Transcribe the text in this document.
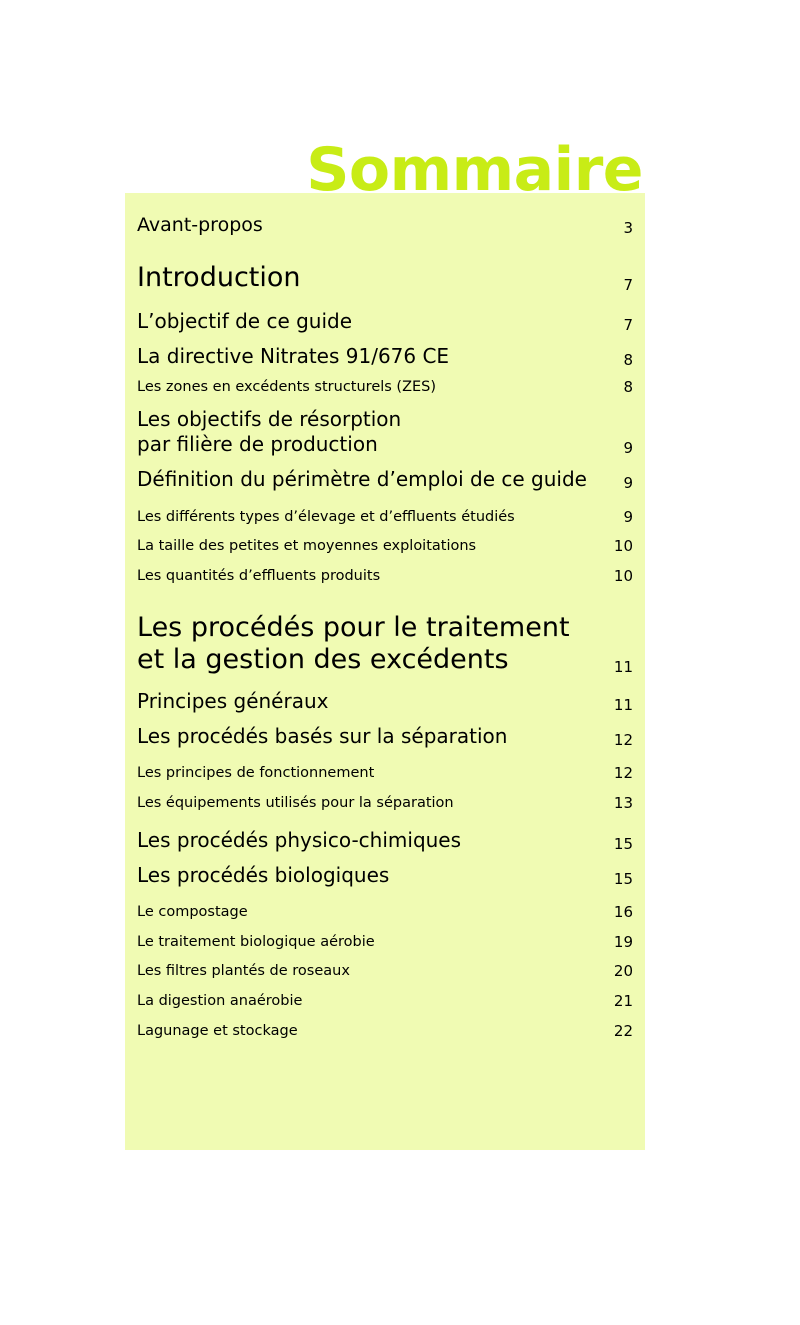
Sommaire
Avant-propos	3
Introduction	7
L’objectif de ce guide	7
La directive Nitrates 91/676 CE	8
Les zones en excédents structurels (ZES)	8
Les objectifs de résorption
par filière de production	9
Définition du périmètre d’emploi de ce guide 9
Les différents types d’élevage et d’effluents étudiés	9
La taille des petites et moyennes exploitations	10
Les quantités d’effluents produits	10
Les procédés pour le traitement
et la gestion des excédents	11
Principes généraux	11
Les procédés basés sur la séparation	12
Les principes de fonctionnement	12
Les équipements utilisés pour la séparation	13
Les procédés physico-chimiques	15
Les procédés biologiques	15
Le compostage	16
Le traitement biologique aérobie	19
Les filtres plantés de roseaux	20
La digestion anaérobie	21
Lagunage et stockage	22
